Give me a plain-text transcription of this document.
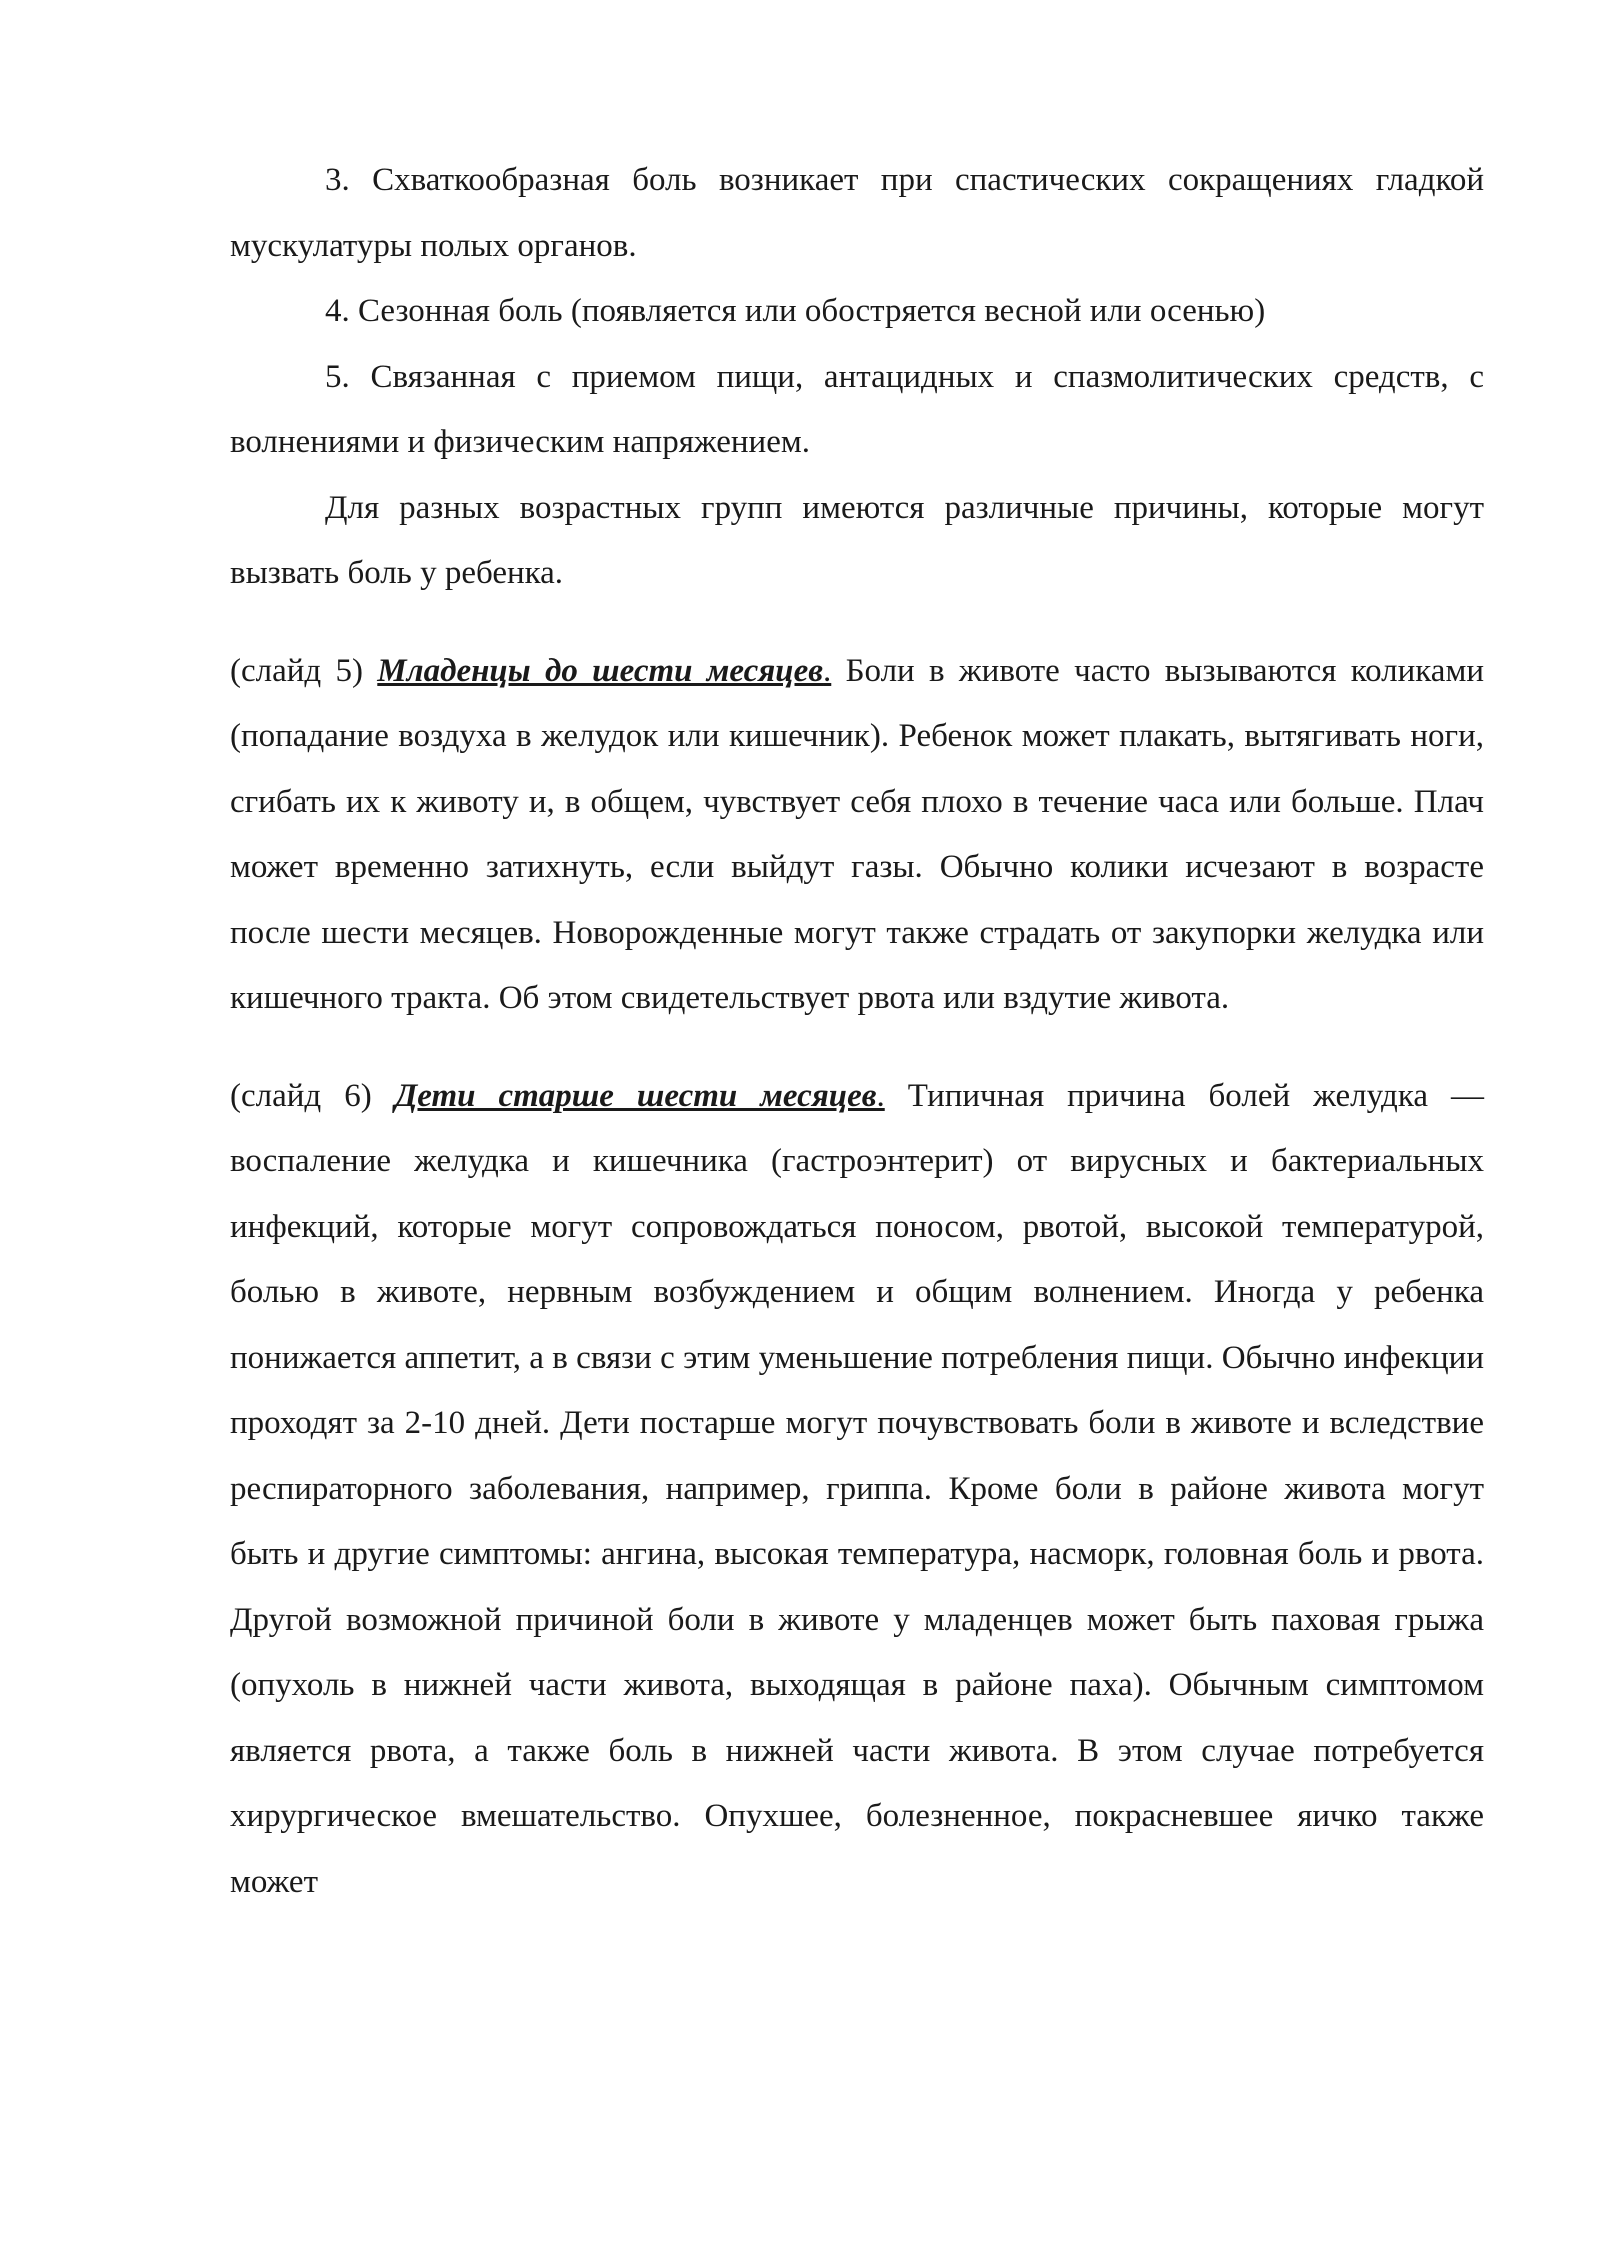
3. Схваткообразная боль возникает при спастических сокращениях гладкой мускулатуры полых органов.

4. Сезонная боль (появляется или обостряется весной или осенью)

5. Связанная с приемом пищи, антацидных и спазмолитических средств, с волнениями и физическим напряжением.

Для разных возрастных групп имеются различные причины, которые могут вызвать боль у ребенка.

(слайд 5) Младенцы до шести месяцев. Боли в животе часто вызываются коликами (попадание воздуха в желудок или кишечник). Ребенок может плакать, вытягивать ноги, сгибать их к животу и, в общем, чувствует себя плохо в течение часа или больше. Плач может временно затихнуть, если выйдут газы. Обычно колики исчезают в возрасте после шести месяцев. Новорожденные могут также страдать от закупорки желудка или кишечного тракта. Об этом свидетельствует рвота или вздутие живота.

(слайд 6) Дети старше шести месяцев. Типичная причина болей желудка — воспаление желудка и кишечника (гастроэнтерит) от вирусных и бактериальных инфекций, которые могут сопровождаться поносом, рвотой, высокой температурой, болью в животе, нервным возбуждением и общим волнением. Иногда у ребенка понижается аппетит, а в связи с этим уменьшение потребления пищи. Обычно инфекции проходят за 2-10 дней. Дети постарше могут почувствовать боли в животе и вследствие респираторного заболевания, например, гриппа. Кроме боли в районе живота могут быть и другие симптомы: ангина, высокая температура, насморк, головная боль и рвота. Другой возможной причиной боли в животе у младенцев может быть паховая грыжа (опухоль в нижней части живота, выходящая в районе паха). Обычным симптомом является рвота, а также боль в нижней части живота. В этом случае потребуется хирургическое вмешательство. Опухшее, болезненное, покрасневшее яичко также может
